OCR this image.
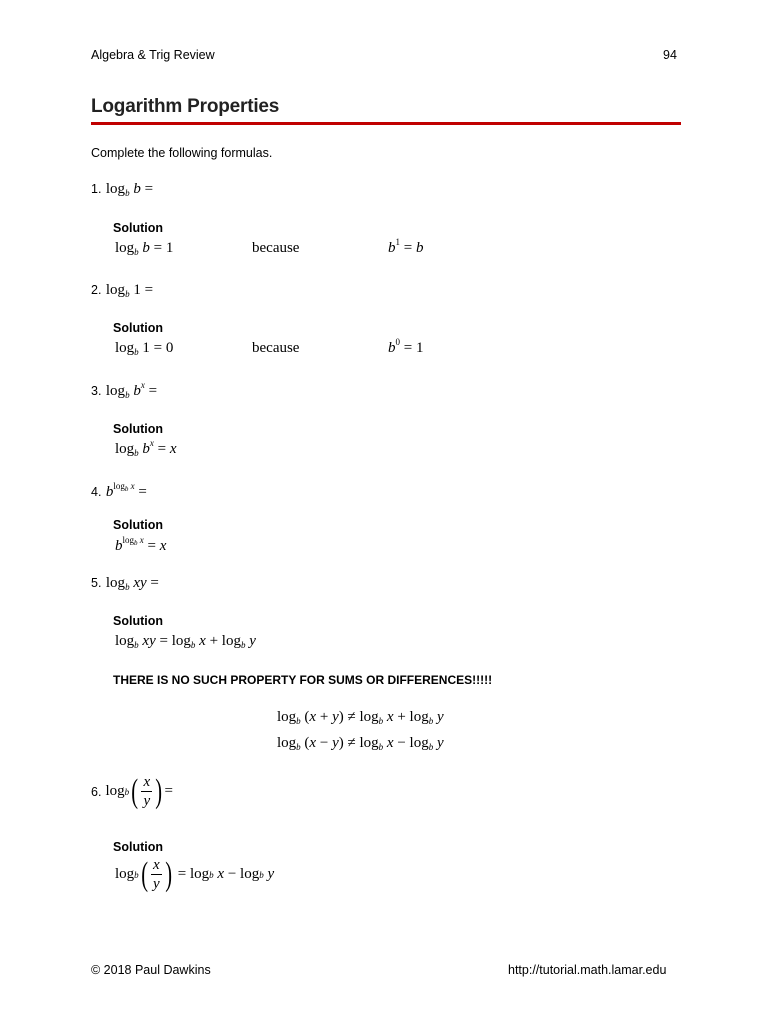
Algebra & Trig Review	94
Logarithm Properties
Complete the following formulas.
1. $\log_b b$ =
Solution
$\log_b b = 1$	because	$b^1 = b$
2. $\log_b 1$ =
Solution
$\log_b 1 = 0$	because	$b^0 = 1$
3. $\log_b b^x$ =
Solution
$\log_b b^x = x$
4. $b^{log_b x}$ =
Solution
$b^{log_b x} = x$
5. $\log_b$ xy =
Solution
$\log_b$ xy = $\log_b x + \log_b y$
THERE IS NO SUCH PROPERTY FOR SUMS OR DIFFERENCES!!!!!
$\log_b (x + y) \ne \log_b x + \log_b y$
$\log_b (x - y) \ne \log_b x - \log_b y$
6. log b ( $\frac{x}{y}$ ) =
Solution
log b ( $\frac{x}{y}$ ) = log b
x − log b
y
© 2018 Paul Dawkins	http://tutorial.math.lamar.edu
